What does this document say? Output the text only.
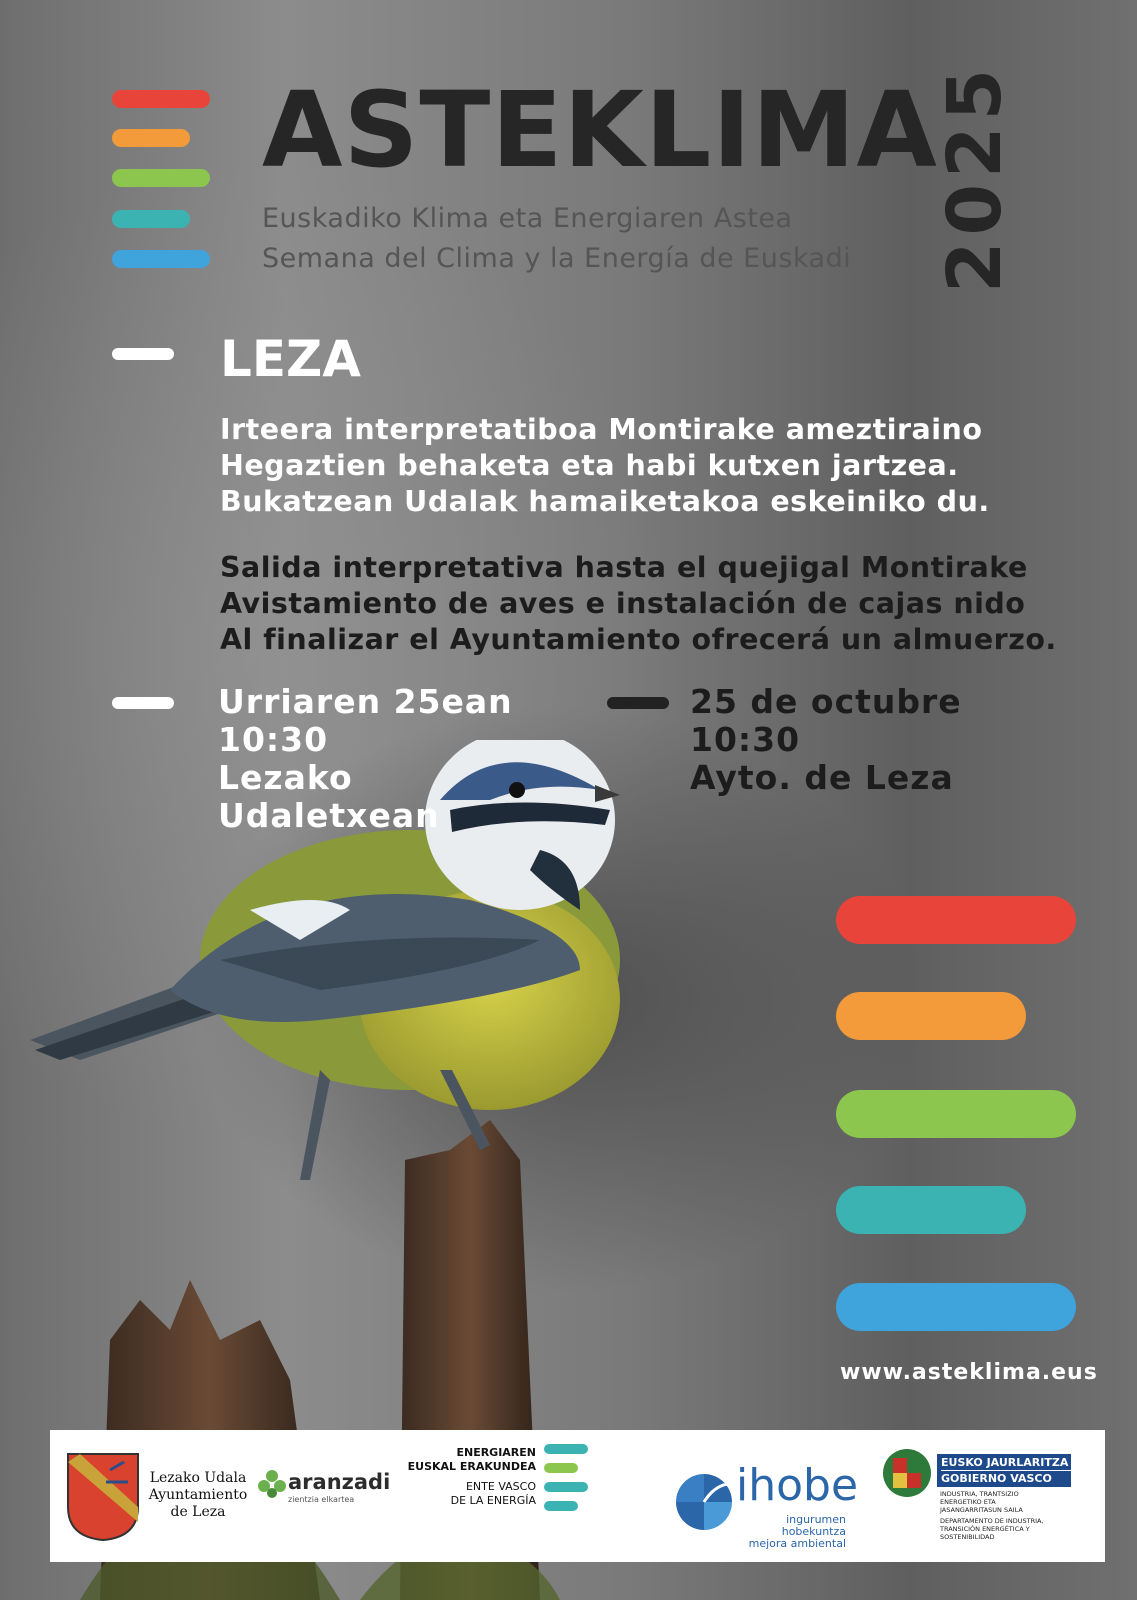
ASTEKLIMA
2025
Euskadiko Klima eta Energiaren Astea
Semana del Clima y la Energía de Euskadi
LEZA
Irteera interpretatiboa Montirake ameztiraino
Hegaztien behaketa eta habi kutxen jartzea.
Bukatzean Udalak hamaiketakoa eskeiniko du.
Salida interpretativa hasta el quejigal Montirake
Avistamiento de aves e instalación de cajas nido
Al finalizar el Ayuntamiento ofrecerá un almuerzo.
Urriaren 25ean
10:30
Lezako
Udaletxean
25 de octubre
10:30
Ayto. de Leza
www.asteklima.eus
Lezako Udala
Ayuntamiento
de Leza
aranzadi
zientzia elkartea
ENERGIAREN
EUSKAL ERAKUNDEA
ENTE VASCO
DE LA ENERGÍA	ihobe
ingurumen hobekuntza
mejora ambiental
EUSKO JAURLARITZA
GOBIERNO VASCO
INDUSTRIA, TRANTSIZIO
ENERGETIKO ETA
JASANGARRITASUN SAILA
DEPARTAMENTO DE INDUSTRIA,
TRANSICIÓN ENERGÉTICA Y
SOSTENIBILIDAD
